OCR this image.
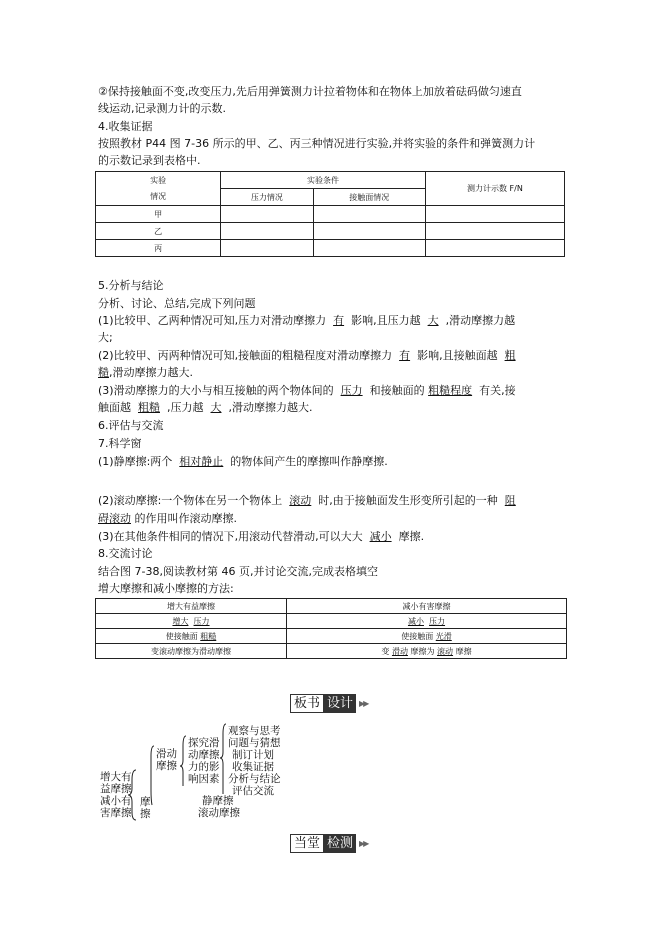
②保持接触面不变,改变压力,先后用弹簧测力计拉着物体和在物体上加放着砝码做匀速直
线运动,记录测力计的示数.
4.收集证据
按照教材 P44 图 7-36 所示的甲、乙、丙三种情况进行实验,并将实验的条件和弹簧测力计
的示数记录到表格中.
实验	实验条件		测力计示数 F/N
情况	压力情况	接触面情况	
甲			
乙			
丙			
5.分析与结论
分析、讨论、总结,完成下列问题
(1)比较甲、乙两种情况可知,压力对滑动摩擦力 有 影响,且压力越 大 ,滑动摩擦力越
大;
(2)比较甲、丙两种情况可知,接触面的粗糙程度对滑动摩擦力 有 影响,且接触面越 粗
糙,滑动摩擦力越大.
(3)滑动摩擦力的大小与相互接触的两个物体间的 压力 和接触面的 粗糙程度 有关,接
触面越 粗糙 ,压力越 大 ,滑动摩擦力越大.
6.评估与交流
7.科学窗
(1)静摩擦:两个 相对静止 的物体间产生的摩擦叫作静摩擦.
(2)滚动摩擦:一个物体在另一个物体上 滚动 时,由于接触面发生形变所引起的一种 阻
碍滚动 的作用叫作滚动摩擦.
(3)在其他条件相同的情况下,用滚动代替滑动,可以大大 减小 摩擦.
8.交流讨论
结合图 7-38,阅读教材第 46 页,并讨论交流,完成表格填空
增大摩擦和减小摩擦的方法:
增大有益摩擦	减小有害摩擦
增大 压力	减小 压力
使接触面 粗糙	使接触面 光滑
变滚动摩擦为滑动摩擦	变 滑动 摩擦为 滚动 摩擦
板书 设计 ▶▶
增大有
益摩擦
减小有
害摩擦
摩
擦
滑动
摩擦
探究滑
动摩擦
力的影
响因素
观察与思考
问题与猜想
制订计划
收集证据
分析与结论
评估交流
静摩擦
滚动摩擦
当堂 检测 ▶▶
